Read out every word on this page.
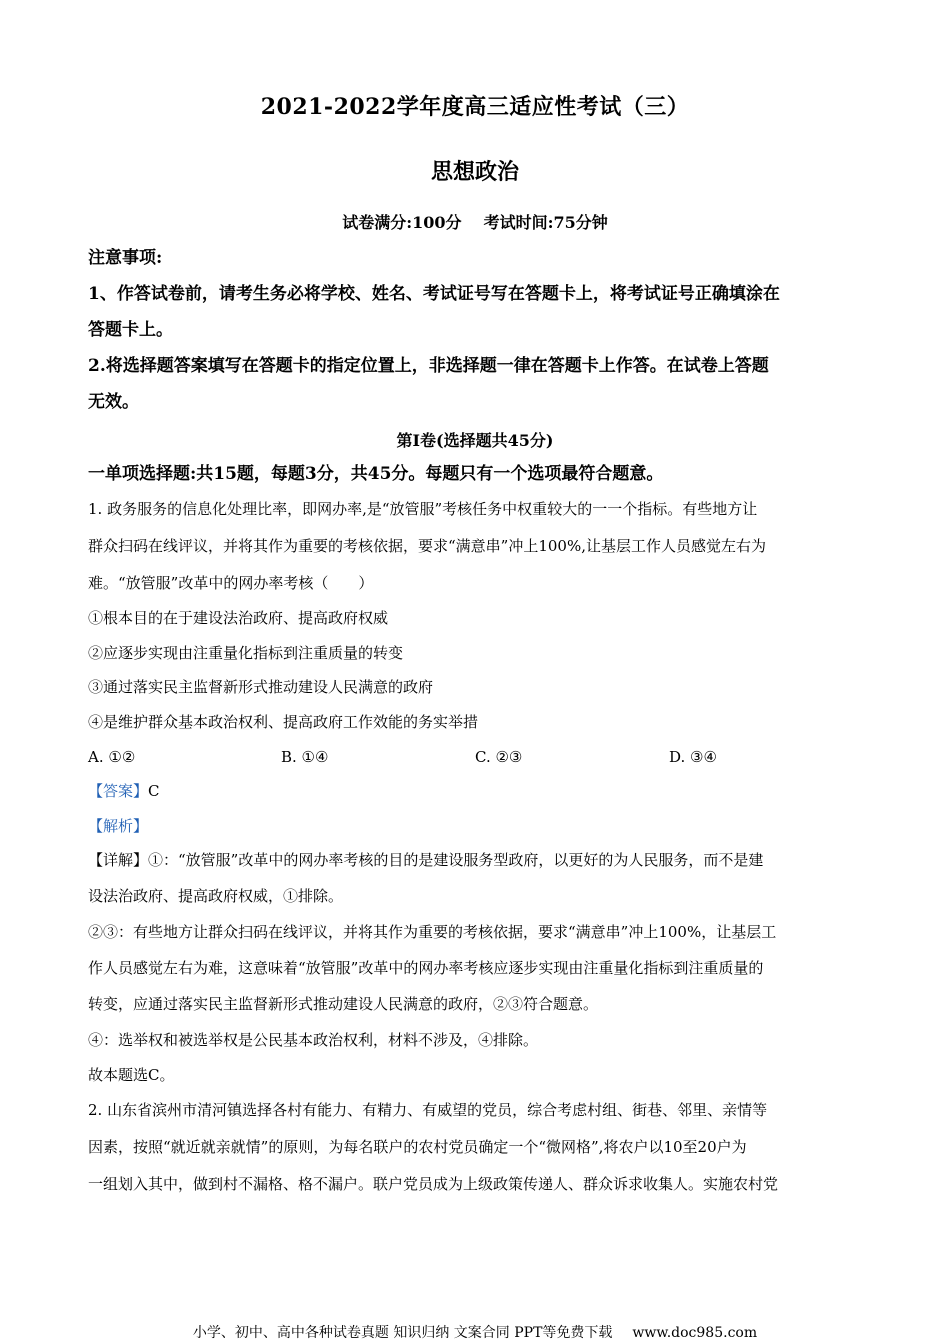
2021-2022学年度高三适应性考试（三）
思想政治
试卷满分:100分 考试时间:75分钟
注意事项:
1、作答试卷前，请考生务必将学校、姓名、考试证号写在答题卡上，将考试证号正确填涂在
答题卡上。
2.将选择题答案填写在答题卡的指定位置上，非选择题一律在答题卡上作答。在试卷上答题
无效。
第Ⅰ卷(选择题共45分)
一单项选择题:共15题，每题3分，共45分。每题只有一个选项最符合题意。
1. 政务服务的信息化处理比率，即网办率,是“放管服”考核任务中权重较大的一一个指标。有些地方让
群众扫码在线评议，并将其作为重要的考核依据，要求“满意串”冲上100%,让基层工作人员感觉左右为
难。“放管服”改革中的网办率考核（　　）
①根本目的在于建设法治政府、提高政府权威
②应逐步实现由注重量化指标到注重质量的转变
③通过落实民主监督新形式推动建设人民满意的政府
④是维护群众基本政治权利、提高政府工作效能的务实举措
A. ①②	B. ①④	C. ②③	D. ③④
【答案】C
【解析】
【详解】①：“放管服”改革中的网办率考核的目的是建设服务型政府，以更好的为人民服务，而不是建
设法治政府、提高政府权威，①排除。
②③：有些地方让群众扫码在线评议，并将其作为重要的考核依据，要求“满意串”冲上100%，让基层工
作人员感觉左右为难，这意味着“放管服”改革中的网办率考核应逐步实现由注重量化指标到注重质量的
转变，应通过落实民主监督新形式推动建设人民满意的政府，②③符合题意。
④：选举权和被选举权是公民基本政治权利，材料不涉及，④排除。
故本题选C。
2. 山东省滨州市清河镇选择各村有能力、有精力、有威望的党员，综合考虑村组、街巷、邻里、亲情等
因素，按照“就近就亲就情”的原则，为每名联户的农村党员确定一个“微网格”,将农户以10至20户为
一组划入其中，做到村不漏格、格不漏户。联户党员成为上级政策传递人、群众诉求收集人。实施农村党
小学、初中、高中各种试卷真题 知识归纳 文案合同 PPT等免费下载 www.doc985.com
